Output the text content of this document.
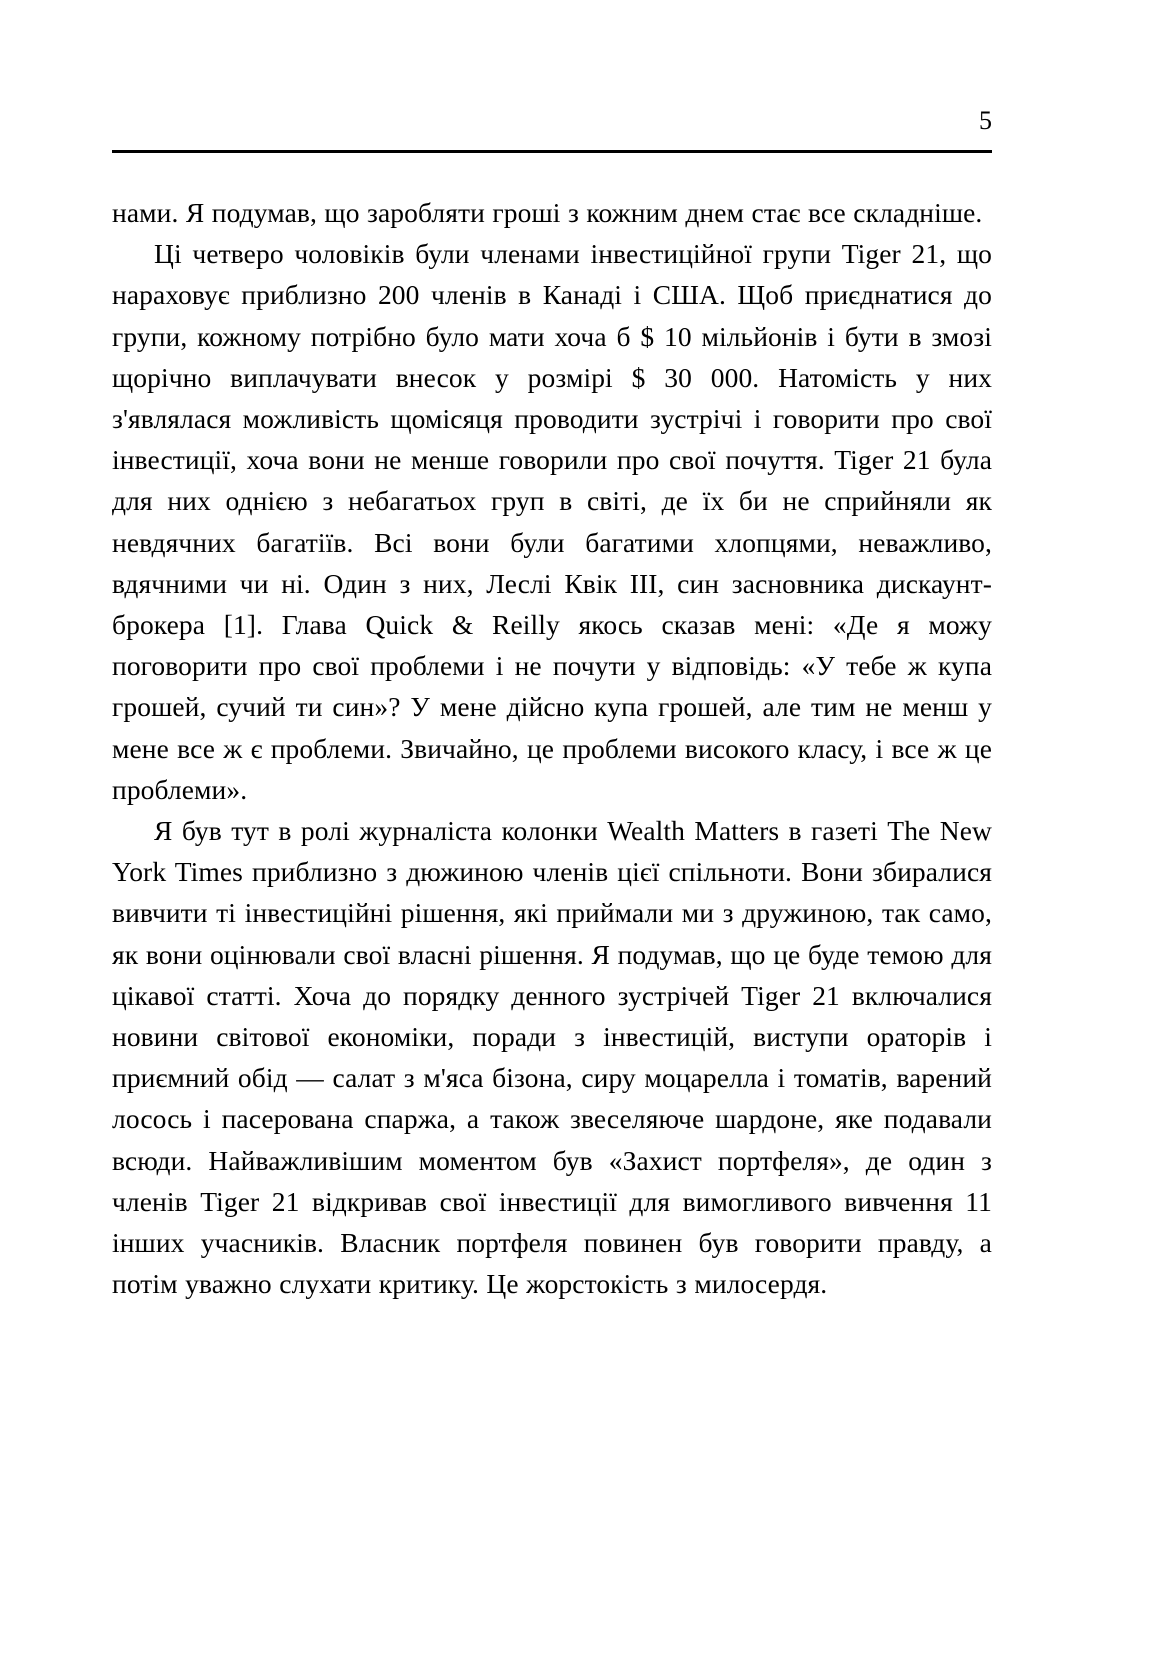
5

нами. Я подумав, що заробляти гроші з кожним днем стає все складніше.

Ці четверо чоловіків були членами інвестиційної групи Tiger 21, що нараховує приблизно 200 членів в Канаді і США. Щоб приєднатися до групи, кожному потрібно було мати хоча б $ 10 мільйонів і бути в змозі щорічно виплачувати внесок у розмірі $ 30 000. Натомість у них з'являлася можливість щомісяця проводити зустрічі і говорити про свої інвестиції, хоча вони не менше говорили про свої почуття. Tiger 21 була для них однією з небагатьох груп в світі, де їх би не сприйняли як невдячних багатіїв. Всі вони були багатими хлопцями, неважливо, вдячними чи ні. Один з них, Леслі Квік III, син засновника дискаунт-брокера [1]. Глава Quick & Reilly якось сказав мені: «Де я можу поговорити про свої проблеми і не почути у відповідь: «У тебе ж купа грошей, сучий ти син»? У мене дійсно купа грошей, але тим не менш у мене все ж є проблеми. Звичайно, це проблеми високого класу, і все ж це проблеми».

Я був тут в ролі журналіста колонки Wealth Matters в газеті The New York Times приблизно з дюжиною членів цієї спільноти. Вони збиралися вивчити ті інвестиційні рішення, які приймали ми з дружиною, так само, як вони оцінювали свої власні рішення. Я подумав, що це буде темою для цікавої статті. Хоча до порядку денного зустрічей Tiger 21 включалися новини світової економіки, поради з інвестицій, виступи ораторів і приємний обід — салат з м'яса бізона, сиру моцарелла і томатів, варений лосось і пасерована спаржа, а також звеселяюче шардоне, яке подавали всюди. Найважливішим моментом був «Захист портфеля», де один з членів Tiger 21 відкривав свої інвестиції для вимогливого вивчення 11 інших учасників. Власник портфеля повинен був говорити правду, а потім уважно слухати критику. Це жорстокість з милосердя.
